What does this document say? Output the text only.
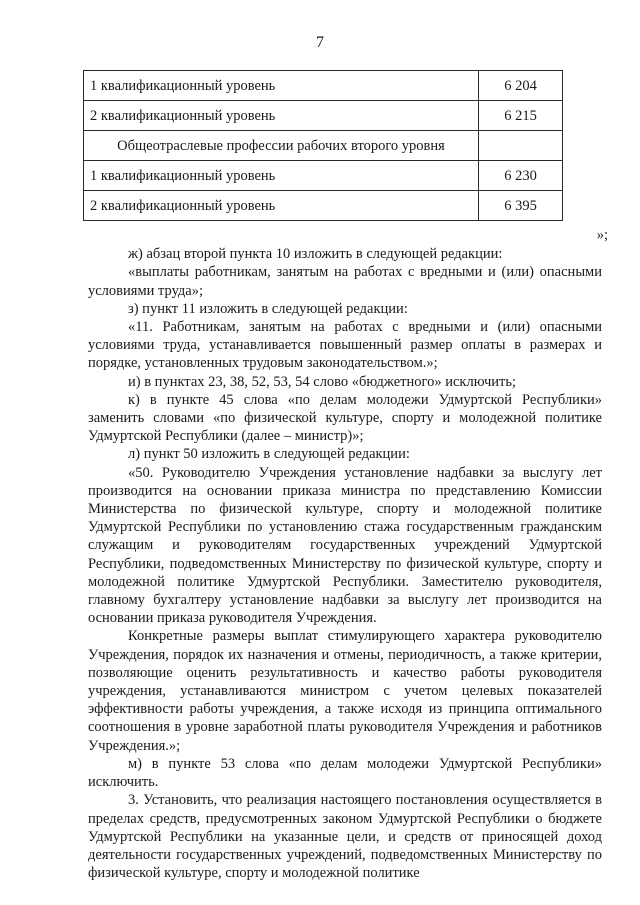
7
1 квалификационный уровень	6 204
2 квалификационный уровень	6 215
Общеотраслевые профессии рабочих второго уровня	
1 квалификационный уровень	6 230
2 квалификационный уровень	6 395

»;

ж) абзац второй пункта 10 изложить в следующей редакции:

«выплаты работникам, занятым на работах с вредными и (или) опасными условиями труда»;

з) пункт 11 изложить в следующей редакции:

«11. Работникам, занятым на работах с вредными и (или) опасными условиями труда, устанавливается повышенный размер оплаты в размерах и порядке, установленных трудовым законодательством.»;

и) в пунктах 23, 38, 52, 53, 54 слово «бюджетного» исключить;

к) в пункте 45 слова «по делам молодежи Удмуртской Республики» заменить словами «по физической культуре, спорту и молодежной политике Удмуртской Республики (далее – министр)»;

л) пункт 50 изложить в следующей редакции:

«50. Руководителю Учреждения установление надбавки за выслугу лет производится на основании приказа министра по представлению Комиссии Министерства по физической культуре, спорту и молодежной политике Удмуртской Республики по установлению стажа государственным гражданским служащим и руководителям государственных учреждений Удмуртской Республики, подведомственных Министерству по физической культуре, спорту и молодежной политике Удмуртской Республики. Заместителю руководителя, главному бухгалтеру установление надбавки за выслугу лет производится на основании приказа руководителя Учреждения.

Конкретные размеры выплат стимулирующего характера руководителю Учреждения, порядок их назначения и отмены, периодичность, а также критерии, позволяющие оценить результативность и качество работы руководителя учреждения, устанавливаются министром с учетом целевых показателей эффективности работы учреждения, а также исходя из принципа оптимального соотношения в уровне заработной платы руководителя Учреждения и работников Учреждения.»;

м) в пункте 53 слова «по делам молодежи Удмуртской Республики» исключить.

3. Установить, что реализация настоящего постановления осуществляется в пределах средств, предусмотренных законом Удмуртской Республики о бюджете Удмуртской Республики на указанные цели, и средств от приносящей доход деятельности государственных учреждений, подведомственных Министерству по физической культуре, спорту и молодежной политике
